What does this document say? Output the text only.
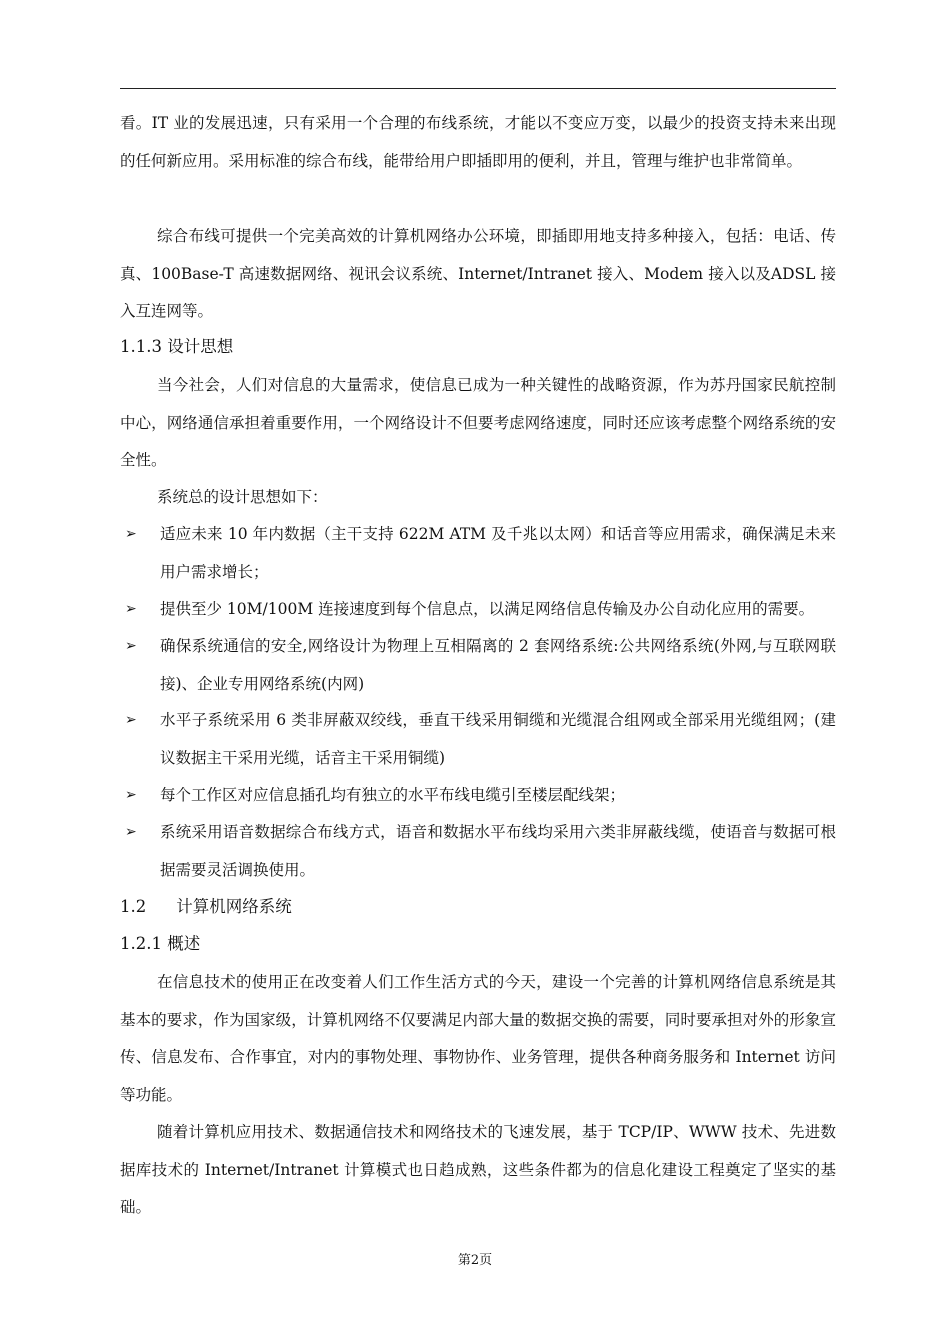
看。IT 业的发展迅速，只有采用一个合理的布线系统，才能以不变应万变，以最少的投资支持未来出现的任何新应用。采用标准的综合布线，能带给用户即插即用的便利，并且，管理与维护也非常简单。

综合布线可提供一个完美高效的计算机网络办公环境，即插即用地支持多种接入，包括：电话、传真、100Base-T 高速数据网络、视讯会议系统、Internet/Intranet 接入、Modem 接入以及ADSL 接入互连网等。

1.1.3 设计思想

当今社会，人们对信息的大量需求，使信息已成为一种关键性的战略资源，作为苏丹国家民航控制中心，网络通信承担着重要作用，一个网络设计不但要考虑网络速度，同时还应该考虑整个网络系统的安全性。

系统总的设计思想如下：

➢ 适应未来 10 年内数据（主干支持 622M ATM 及千兆以太网）和话音等应用需求，确保满足未来用户需求增长；

➢ 提供至少 10M/100M 连接速度到每个信息点，以满足网络信息传输及办公自动化应用的需要。

➢ 确保系统通信的安全,网络设计为物理上互相隔离的 2 套网络系统:公共网络系统(外网,与互联网联接)、企业专用网络系统(内网)

➢ 水平子系统采用 6 类非屏蔽双绞线，垂直干线采用铜缆和光缆混合组网或全部采用光缆组网；(建议数据主干采用光缆，话音主干采用铜缆)

➢ 每个工作区对应信息插孔均有独立的水平布线电缆引至楼层配线架；

➢ 系统采用语音数据综合布线方式，语音和数据水平布线均采用六类非屏蔽线缆，使语音与数据可根据需要灵活调换使用。

1.2 计算机网络系统

1.2.1 概述

在信息技术的使用正在改变着人们工作生活方式的今天，建设一个完善的计算机网络信息系统是其基本的要求，作为国家级，计算机网络不仅要满足内部大量的数据交换的需要，同时要承担对外的形象宣传、信息发布、合作事宜，对内的事物处理、事物协作、业务管理，提供各种商务服务和 Internet 访问等功能。

随着计算机应用技术、数据通信技术和网络技术的飞速发展，基于 TCP/IP、WWW 技术、先进数据库技术的 Internet/Intranet 计算模式也日趋成熟，这些条件都为的信息化建设工程奠定了坚实的基础。

第2页
